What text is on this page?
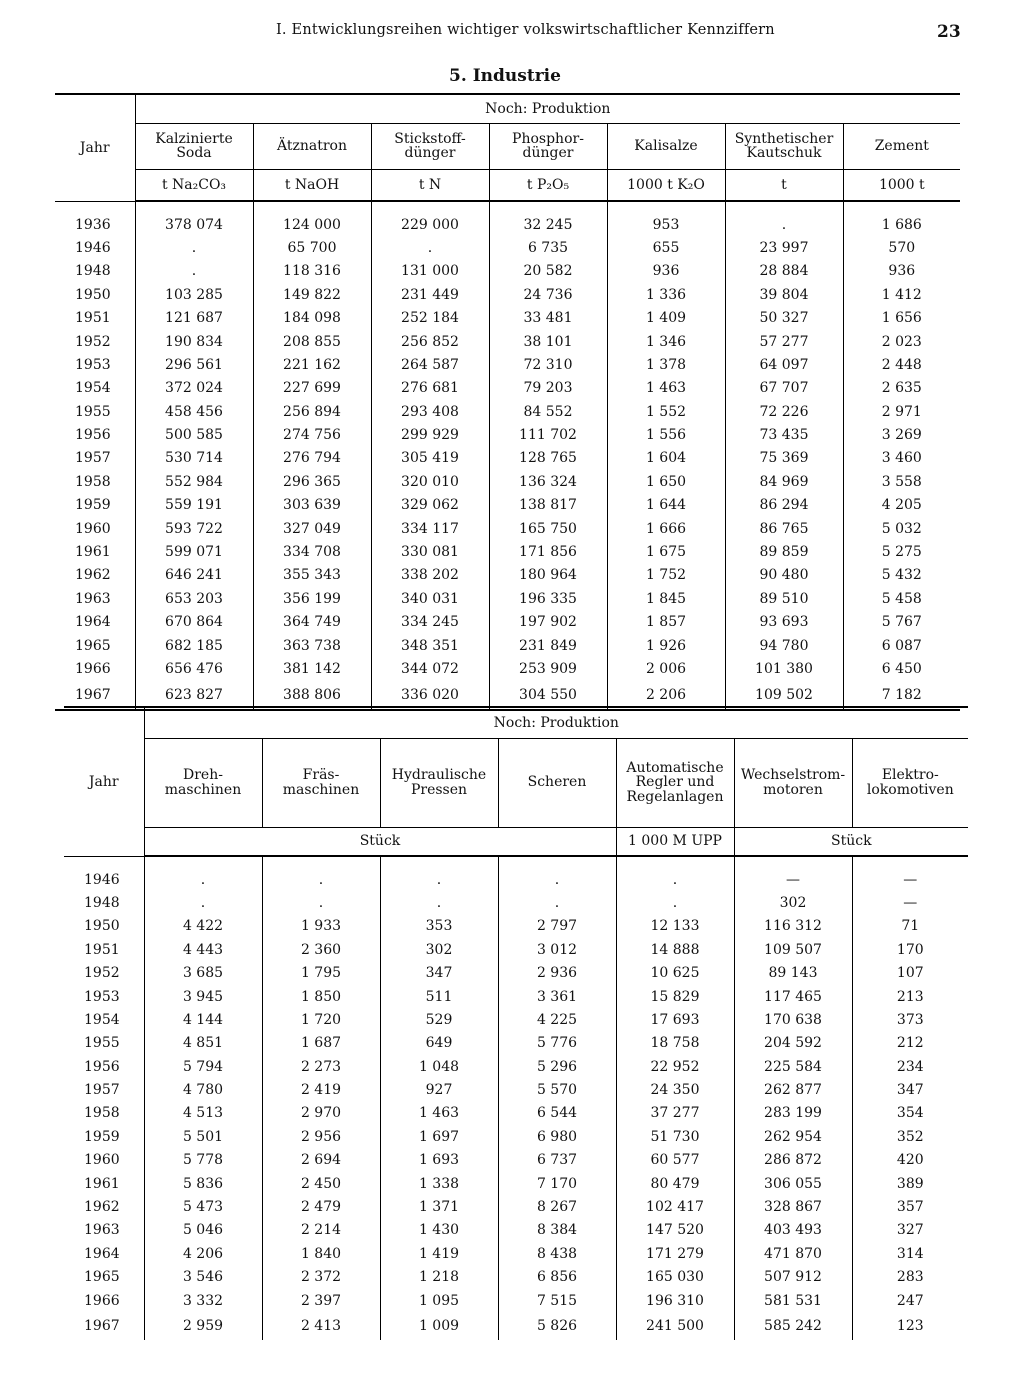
I. Entwicklungsreihen wichtiger volkswirtschaftlicher Kennziffern	23
5. Industrie
Jahr	Noch: Produktion						
	Kalzinierte Soda	Ätznatron	Stickstoff-dünger	Phosphor-dünger	Kalisalze	Synthetischer Kautschuk	Zement
	t Na₂CO₃	t NaOH	t N	t P₂O₅	1000 t K₂O	t	1000 t
1936	378 074	124 000	229 000	32 245	953	.	1 686
1946	.	65 700	.	6 735	655	23 997	570
1948	.	118 316	131 000	20 582	936	28 884	936
1950	103 285	149 822	231 449	24 736	1 336	39 804	1 412
1951	121 687	184 098	252 184	33 481	1 409	50 327	1 656
1952	190 834	208 855	256 852	38 101	1 346	57 277	2 023
1953	296 561	221 162	264 587	72 310	1 378	64 097	2 448
1954	372 024	227 699	276 681	79 203	1 463	67 707	2 635
1955	458 456	256 894	293 408	84 552	1 552	72 226	2 971
1956	500 585	274 756	299 929	111 702	1 556	73 435	3 269
1957	530 714	276 794	305 419	128 765	1 604	75 369	3 460
1958	552 984	296 365	320 010	136 324	1 650	84 969	3 558
1959	559 191	303 639	329 062	138 817	1 644	86 294	4 205
1960	593 722	327 049	334 117	165 750	1 666	86 765	5 032
1961	599 071	334 708	330 081	171 856	1 675	89 859	5 275
1962	646 241	355 343	338 202	180 964	1 752	90 480	5 432
1963	653 203	356 199	340 031	196 335	1 845	89 510	5 458
1964	670 864	364 749	334 245	197 902	1 857	93 693	5 767
1965	682 185	363 738	348 351	231 849	1 926	94 780	6 087
1966	656 476	381 142	344 072	253 909	2 006	101 380	6 450
1967	623 827	388 806	336 020	304 550	2 206	109 502	7 182
Jahr	Noch: Produktion						
	Dreh-maschinen	Fräs-maschinen	Hydraulische Pressen	Scheren	Automatische Regler und Regelanlagen	Wechselstrom-motoren	Elektro-lokomotiven
	Stück				1 000 M UPP	Stück	
1946	.	.	.	.	.	—	—
1948	.	.	.	.	.	302	—
1950	4 422	1 933	353	2 797	12 133	116 312	71
1951	4 443	2 360	302	3 012	14 888	109 507	170
1952	3 685	1 795	347	2 936	10 625	89 143	107
1953	3 945	1 850	511	3 361	15 829	117 465	213
1954	4 144	1 720	529	4 225	17 693	170 638	373
1955	4 851	1 687	649	5 776	18 758	204 592	212
1956	5 794	2 273	1 048	5 296	22 952	225 584	234
1957	4 780	2 419	927	5 570	24 350	262 877	347
1958	4 513	2 970	1 463	6 544	37 277	283 199	354
1959	5 501	2 956	1 697	6 980	51 730	262 954	352
1960	5 778	2 694	1 693	6 737	60 577	286 872	420
1961	5 836	2 450	1 338	7 170	80 479	306 055	389
1962	5 473	2 479	1 371	8 267	102 417	328 867	357
1963	5 046	2 214	1 430	8 384	147 520	403 493	327
1964	4 206	1 840	1 419	8 438	171 279	471 870	314
1965	3 546	2 372	1 218	6 856	165 030	507 912	283
1966	3 332	2 397	1 095	7 515	196 310	581 531	247
1967	2 959	2 413	1 009	5 826	241 500	585 242	123
